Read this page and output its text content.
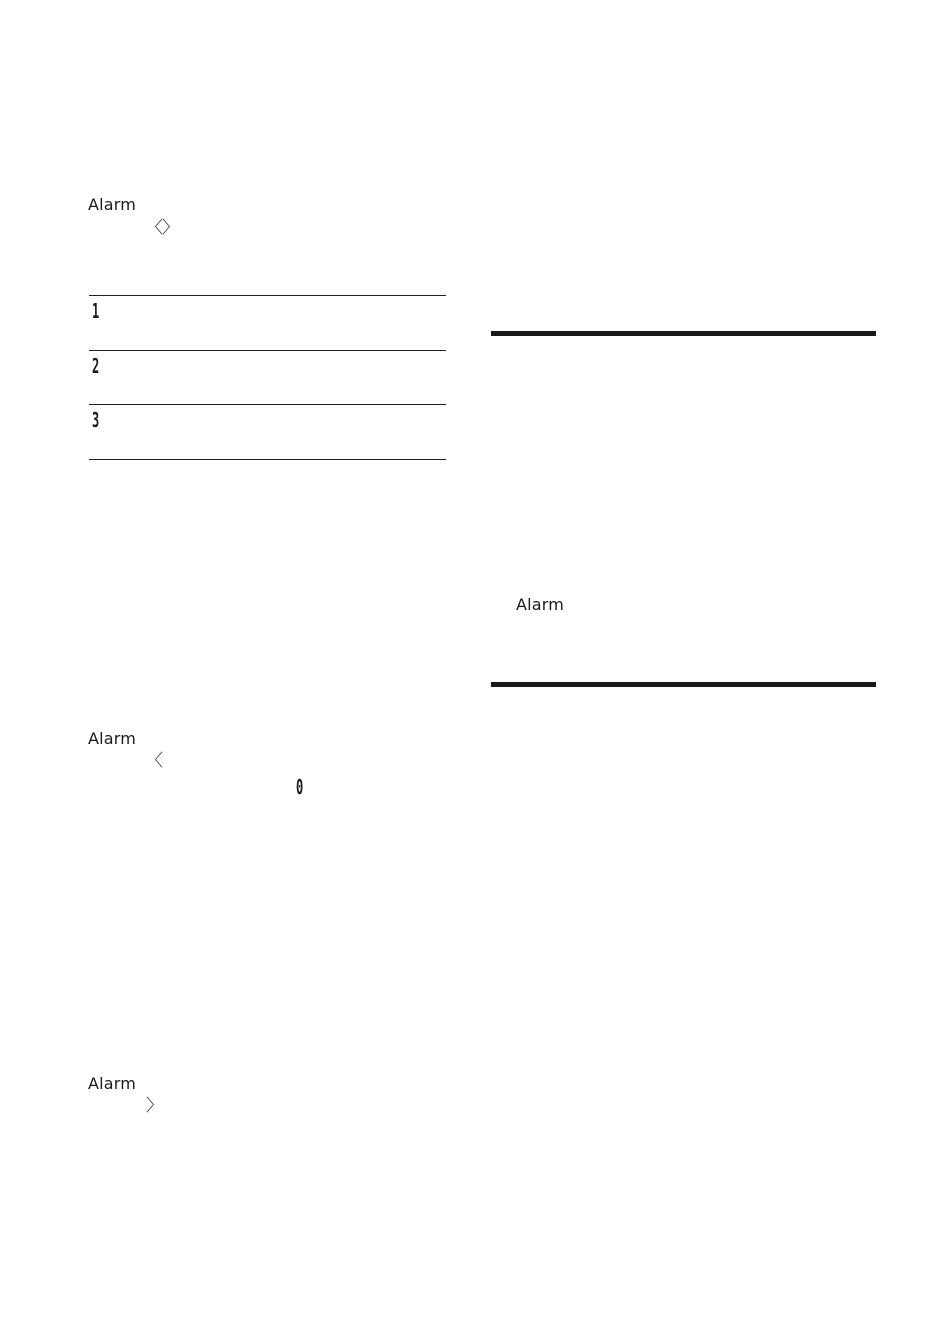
Alarm
〈 〉
1
2
3
Alarm
〈
0
Alarm
〉
Alarm
